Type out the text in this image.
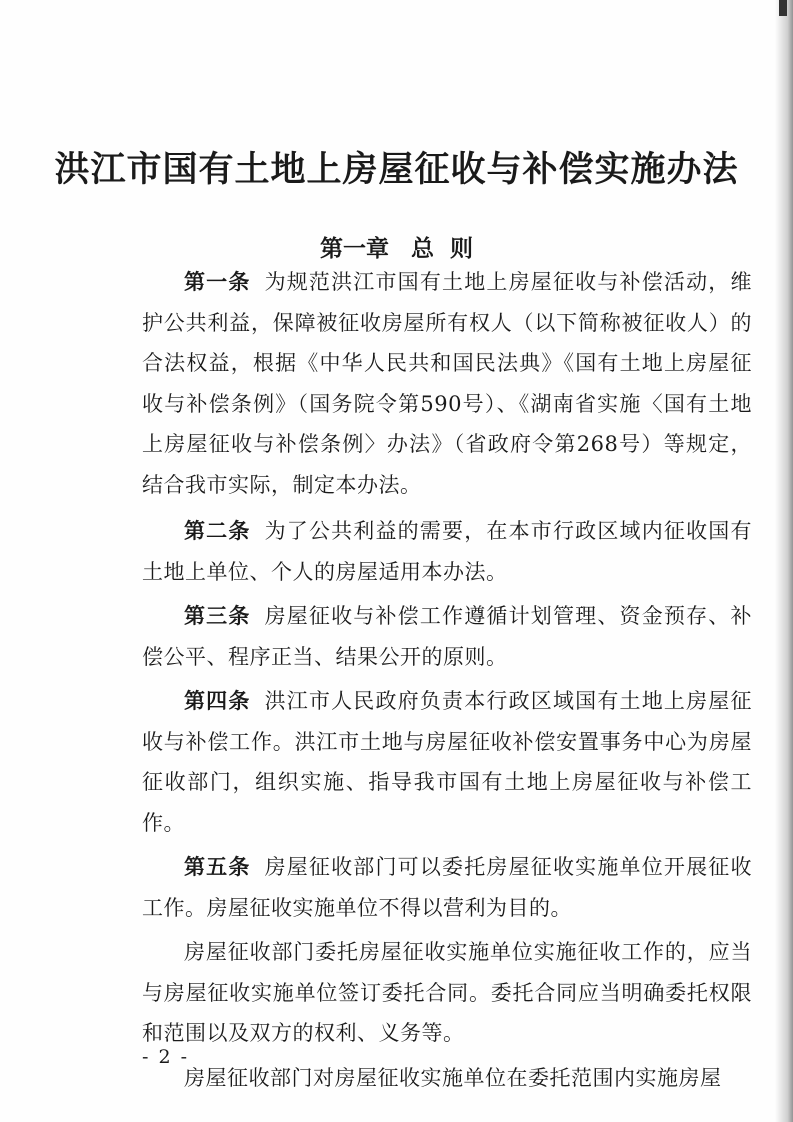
洪江市国有土地上房屋征收与补偿实施办法
第一章 总  则

第一条 为规范洪江市国有土地上房屋征收与补偿活动，维护公共利益，保障被征收房屋所有权人（以下简称被征收人）的合法权益，根据《中华人民共和国民法典》《国有土地上房屋征收与补偿条例》（国务院令第590号）、《湖南省实施〈国有土地上房屋征收与补偿条例〉办法》（省政府令第268号）等规定，结合我市实际，制定本办法。

第二条 为了公共利益的需要，在本市行政区域内征收国有土地上单位、个人的房屋适用本办法。

第三条 房屋征收与补偿工作遵循计划管理、资金预存、补偿公平、程序正当、结果公开的原则。

第四条 洪江市人民政府负责本行政区域国有土地上房屋征收与补偿工作。洪江市土地与房屋征收补偿安置事务中心为房屋征收部门，组织实施、指导我市国有土地上房屋征收与补偿工作。

第五条 房屋征收部门可以委托房屋征收实施单位开展征收工作。房屋征收实施单位不得以营利为目的。

房屋征收部门委托房屋征收实施单位实施征收工作的，应当与房屋征收实施单位签订委托合同。委托合同应当明确委托权限和范围以及双方的权利、义务等。

房屋征收部门对房屋征收实施单位在委托范围内实施房屋

- 2 -
